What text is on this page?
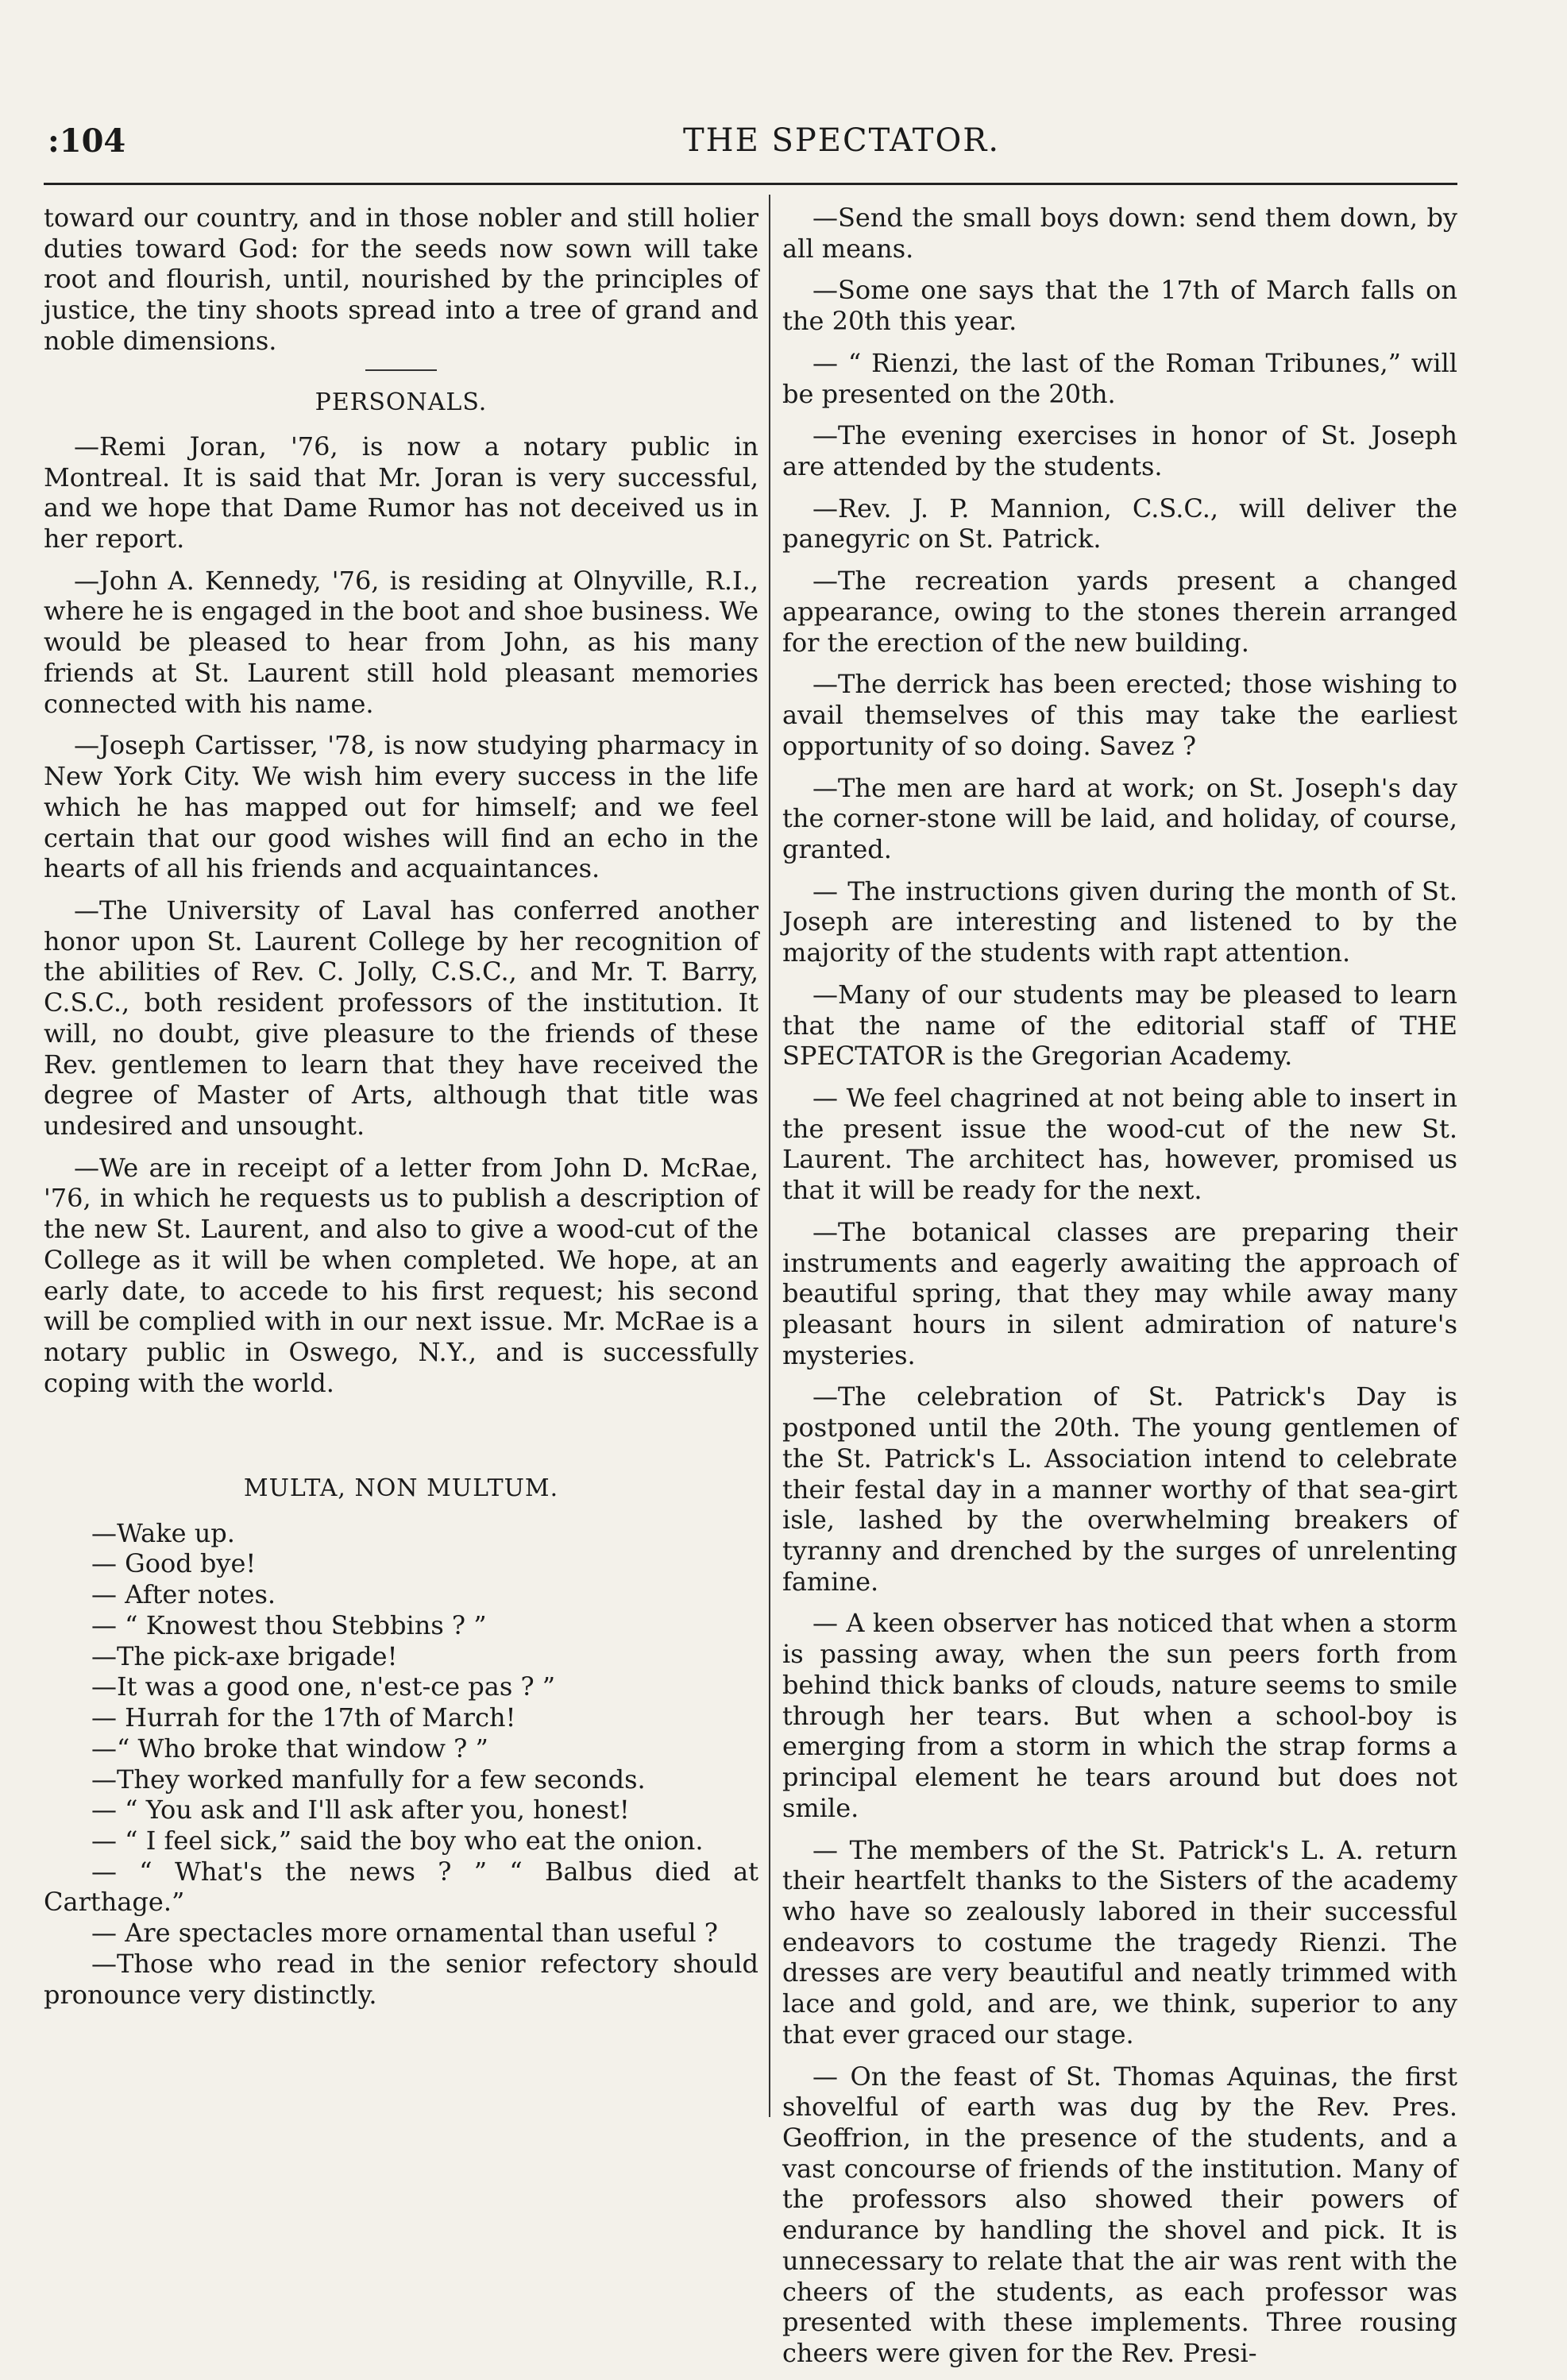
:104	THE SPECTATOR.

toward our country, and in those nobler and still holier duties toward God: for the seeds now sown will take root and flourish, until, nourished by the principles of justice, the tiny shoots spread into a tree of grand and noble dimensions.

PERSONALS.

—Remi Joran, '76, is now a notary public in Montreal. It is said that Mr. Joran is very successful, and we hope that Dame Rumor has not deceived us in her report.

—John A. Kennedy, '76, is residing at Olnyville, R.I., where he is engaged in the boot and shoe business. We would be pleased to hear from John, as his many friends at St. Laurent still hold pleasant memories connected with his name.

—Joseph Cartisser, '78, is now studying pharmacy in New York City. We wish him every success in the life which he has mapped out for himself; and we feel certain that our good wishes will find an echo in the hearts of all his friends and acquaintances.

—The University of Laval has conferred another honor upon St. Laurent College by her recognition of the abilities of Rev. C. Jolly, C.S.C., and Mr. T. Barry, C.S.C., both resident professors of the institution. It will, no doubt, give pleasure to the friends of these Rev. gentlemen to learn that they have received the degree of Master of Arts, although that title was undesired and unsought.

—We are in receipt of a letter from John D. McRae, '76, in which he requests us to publish a description of the new St. Laurent, and also to give a wood-cut of the College as it will be when completed. We hope, at an early date, to accede to his first request; his second will be complied with in our next issue. Mr. McRae is a notary public in Oswego, N.Y., and is successfully coping with the world.

MULTA, NON MULTUM.
—Wake up.
— Good bye!
— After notes.
— “ Knowest thou Stebbins ? ”
—The pick-axe brigade!
—It was a good one, n'est-ce pas ? ”
— Hurrah for the 17th of March!
—“ Who broke that window ? ”
—They worked manfully for a few seconds.
— “ You ask and I'll ask after you, honest!
— “ I feel sick,” said the boy who eat the onion.
— “ What's the news ? ” “ Balbus died at Carthage.”
— Are spectacles more ornamental than useful ?
—Those who read in the senior refectory should pronounce very distinctly.

—Send the small boys down: send them down, by all means.

—Some one says that the 17th of March falls on the 20th this year.

— “ Rienzi, the last of the Roman Tribunes,” will be presented on the 20th.

—The evening exercises in honor of St. Joseph are attended by the students.

—Rev. J. P. Mannion, C.S.C., will deliver the panegyric on St. Patrick.

—The recreation yards present a changed appearance, owing to the stones therein arranged for the erection of the new building.

—The derrick has been erected; those wishing to avail themselves of this may take the earliest opportunity of so doing. Savez ?

—The men are hard at work; on St. Joseph's day the corner-stone will be laid, and holiday, of course, granted.

— The instructions given during the month of St. Joseph are interesting and listened to by the majority of the students with rapt attention.

—Many of our students may be pleased to learn that the name of the editorial staff of THE SPECTATOR is the Gregorian Academy.

— We feel chagrined at not being able to insert in the present issue the wood-cut of the new St. Laurent. The architect has, however, promised us that it will be ready for the next.

—The botanical classes are preparing their instruments and eagerly awaiting the approach of beautiful spring, that they may while away many pleasant hours in silent admiration of nature's mysteries.

—The celebration of St. Patrick's Day is postponed until the 20th. The young gentlemen of the St. Patrick's L. Association intend to celebrate their festal day in a manner worthy of that sea-girt isle, lashed by the overwhelming breakers of tyranny and drenched by the surges of unrelenting famine.

— A keen observer has noticed that when a storm is passing away, when the sun peers forth from behind thick banks of clouds, nature seems to smile through her tears. But when a school-boy is emerging from a storm in which the strap forms a principal element he tears around but does not smile.

— The members of the St. Patrick's L. A. return their heartfelt thanks to the Sisters of the academy who have so zealously labored in their successful endeavors to costume the tragedy Rienzi. The dresses are very beautiful and neatly trimmed with lace and gold, and are, we think, superior to any that ever graced our stage.

— On the feast of St. Thomas Aquinas, the first shovelful of earth was dug by the Rev. Pres. Geoffrion, in the presence of the students, and a vast concourse of friends of the institution. Many of the professors also showed their powers of endurance by handling the shovel and pick. It is unnecessary to relate that the air was rent with the cheers of the students, as each professor was presented with these implements. Three rousing cheers were given for the Rev. Presi-
